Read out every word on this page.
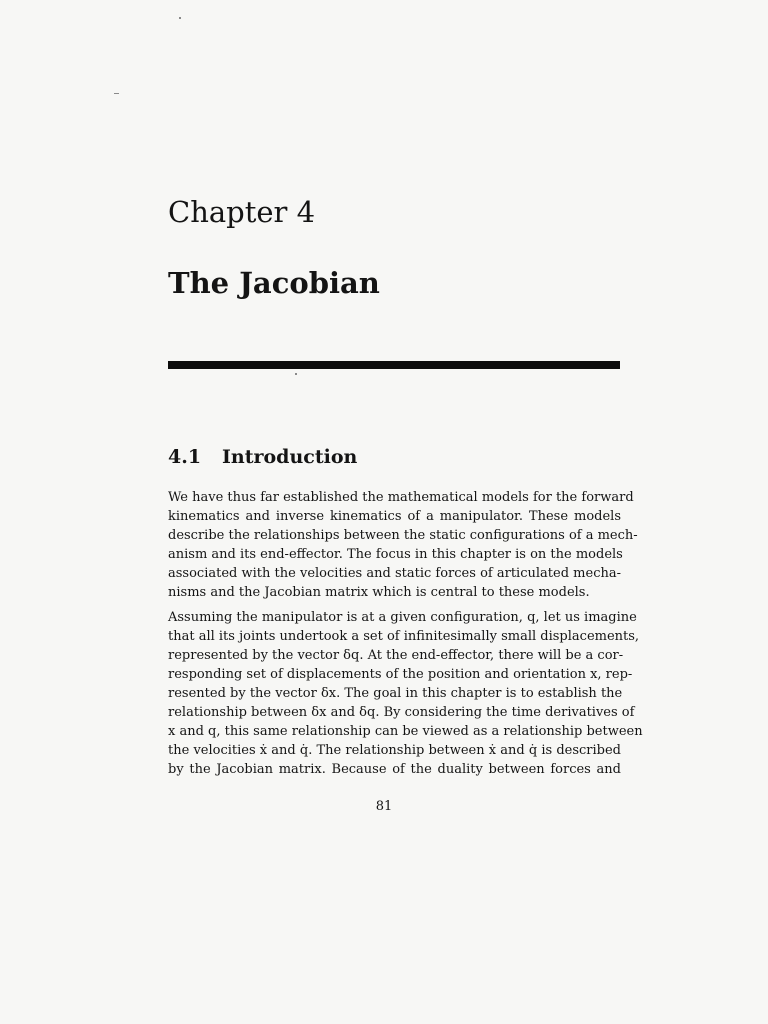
Chapter 4
The Jacobian
4.1 Introduction
We have thus far established the mathematical models for the forward
kinematics and inverse kinematics of a manipulator. These models
describe the relationships between the static configurations of a mech-
anism and its end-effector. The focus in this chapter is on the models
associated with the velocities and static forces of articulated mecha-
nisms and the Jacobian matrix which is central to these models.
Assuming the manipulator is at a given configuration, q, let us imagine
that all its joints undertook a set of infinitesimally small displacements,
represented by the vector δq. At the end-effector, there will be a cor-
responding set of displacements of the position and orientation x, rep-
resented by the vector δx. The goal in this chapter is to establish the
relationship between δx and δq. By considering the time derivatives of
x and q, this same relationship can be viewed as a relationship between
the velocities ẋ and q̇. The relationship between ẋ and q̇ is described
by the Jacobian matrix. Because of the duality between forces and
81
